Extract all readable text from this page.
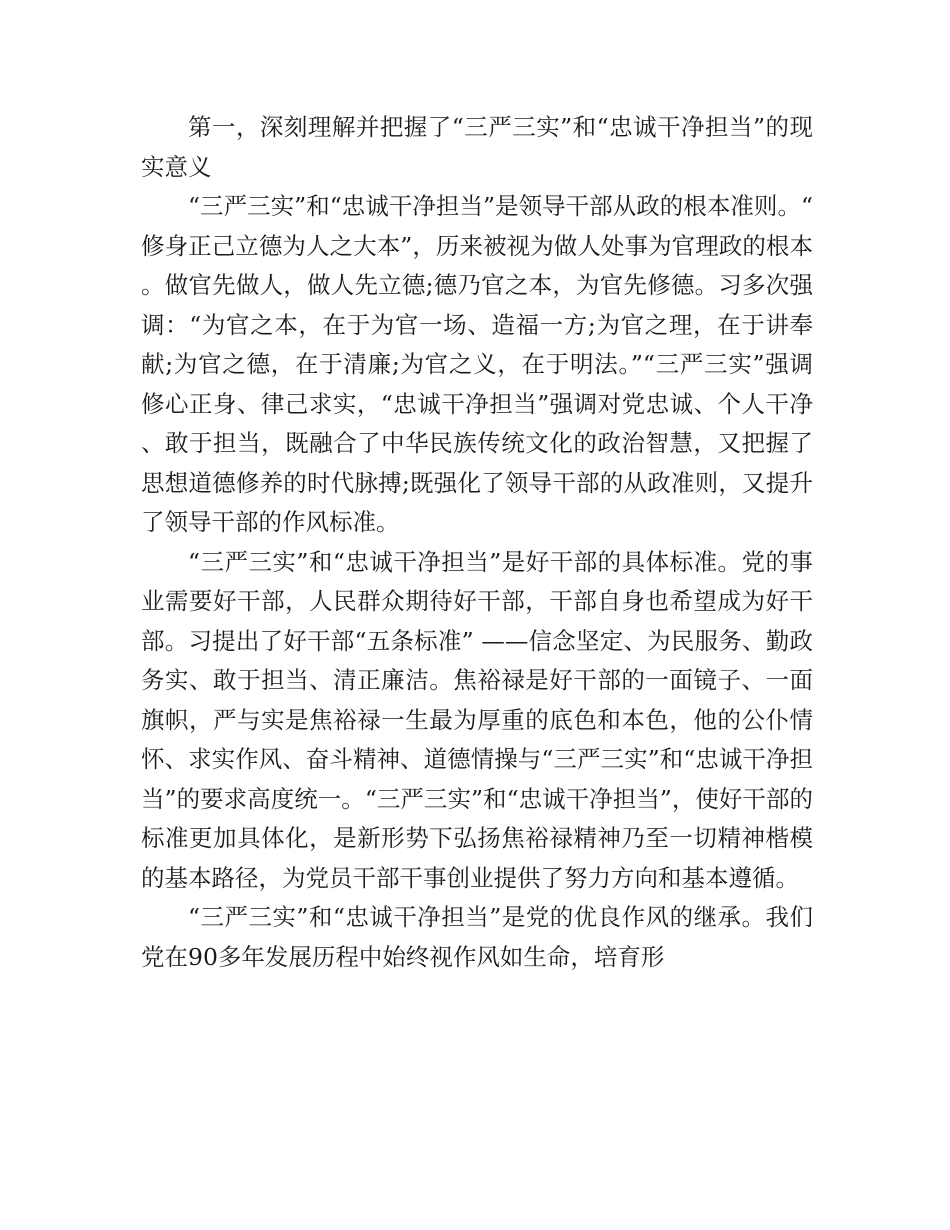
第一，深刻理解并把握了“三严三实”和“忠诚干净担当”的现实意义

“三严三实”和“忠诚干净担当”是领导干部从政的根本准则。“修身正己立德为人之大本”，历来被视为做人处事为官理政的根本。做官先做人，做人先立德;德乃官之本，为官先修德。习多次强调：“为官之本，在于为官一场、造福一方;为官之理，在于讲奉献;为官之德，在于清廉;为官之义，在于明法。”“三严三实”强调修心正身、律己求实，“忠诚干净担当”强调对党忠诚、个人干净、敢于担当，既融合了中华民族传统文化的政治智慧，又把握了思想道德修养的时代脉搏;既强化了领导干部的从政准则，又提升了领导干部的作风标准。

“三严三实”和“忠诚干净担当”是好干部的具体标准。党的事业需要好干部，人民群众期待好干部，干部自身也希望成为好干部。习提出了好干部“五条标准” ——信念坚定、为民服务、勤政务实、敢于担当、清正廉洁。焦裕禄是好干部的一面镜子、一面旗帜，严与实是焦裕禄一生最为厚重的底色和本色，他的公仆情怀、求实作风、奋斗精神、道德情操与“三严三实”和“忠诚干净担当”的要求高度统一。“三严三实”和“忠诚干净担当”，使好干部的标准更加具体化，是新形势下弘扬焦裕禄精神乃至一切精神楷模的基本路径，为党员干部干事创业提供了努力方向和基本遵循。

“三严三实”和“忠诚干净担当”是党的优良作风的继承。我们党在90多年发展历程中始终视作风如生命，培育形
